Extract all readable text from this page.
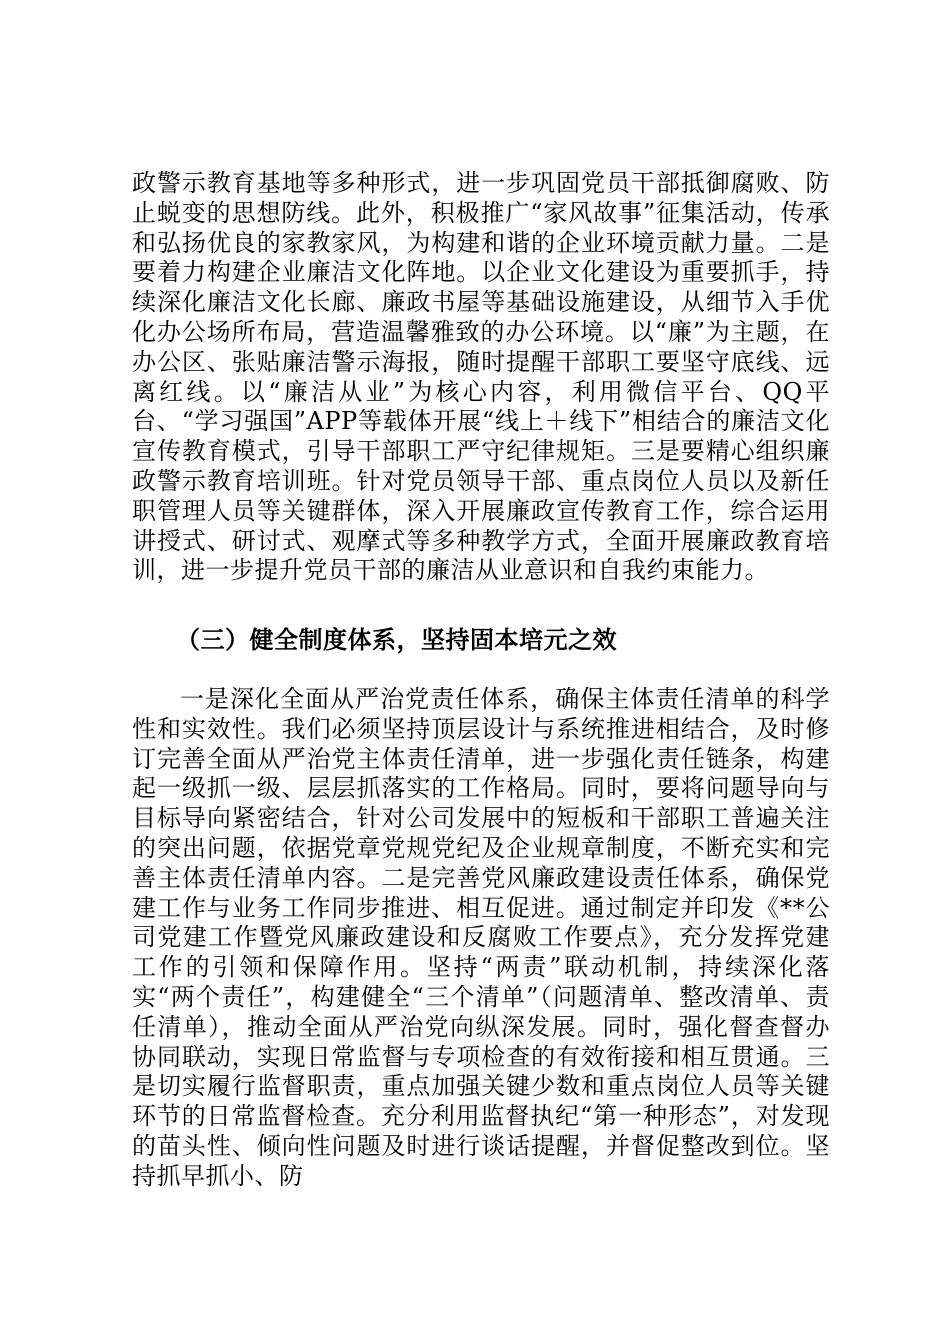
政警示教育基地等多种形式，进一步巩固党员干部抵御腐败、防止蜕变的思想防线。此外，积极推广“家风故事”征集活动，传承和弘扬优良的家教家风，为构建和谐的企业环境贡献力量。二是要着力构建企业廉洁文化阵地。以企业文化建设为重要抓手，持续深化廉洁文化长廊、廉政书屋等基础设施建设，从细节入手优化办公场所布局，营造温馨雅致的办公环境。以“廉”为主题，在办公区、张贴廉洁警示海报，随时提醒干部职工要坚守底线、远离红线。以“廉洁从业”为核心内容，利用微信平台、QQ平台、“学习强国”APP等载体开展“线上＋线下”相结合的廉洁文化宣传教育模式，引导干部职工严守纪律规矩。三是要精心组织廉政警示教育培训班。针对党员领导干部、重点岗位人员以及新任职管理人员等关键群体，深入开展廉政宣传教育工作，综合运用讲授式、研讨式、观摩式等多种教学方式，全面开展廉政教育培训，进一步提升党员干部的廉洁从业意识和自我约束能力。

（三）健全制度体系，坚持固本培元之效

一是深化全面从严治党责任体系，确保主体责任清单的科学性和实效性。我们必须坚持顶层设计与系统推进相结合，及时修订完善全面从严治党主体责任清单，进一步强化责任链条，构建起一级抓一级、层层抓落实的工作格局。同时，要将问题导向与目标导向紧密结合，针对公司发展中的短板和干部职工普遍关注的突出问题，依据党章党规党纪及企业规章制度，不断充实和完善主体责任清单内容。二是完善党风廉政建设责任体系，确保党建工作与业务工作同步推进、相互促进。通过制定并印发《**公司党建工作暨党风廉政建设和反腐败工作要点》，充分发挥党建工作的引领和保障作用。坚持“两责”联动机制，持续深化落实“两个责任”，构建健全“三个清单”（问题清单、整改清单、责任清单），推动全面从严治党向纵深发展。同时，强化督查督办协同联动，实现日常监督与专项检查的有效衔接和相互贯通。三是切实履行监督职责，重点加强关键少数和重点岗位人员等关键环节的日常监督检查。充分利用监督执纪“第一种形态”，对发现的苗头性、倾向性问题及时进行谈话提醒，并督促整改到位。坚持抓早抓小、防
